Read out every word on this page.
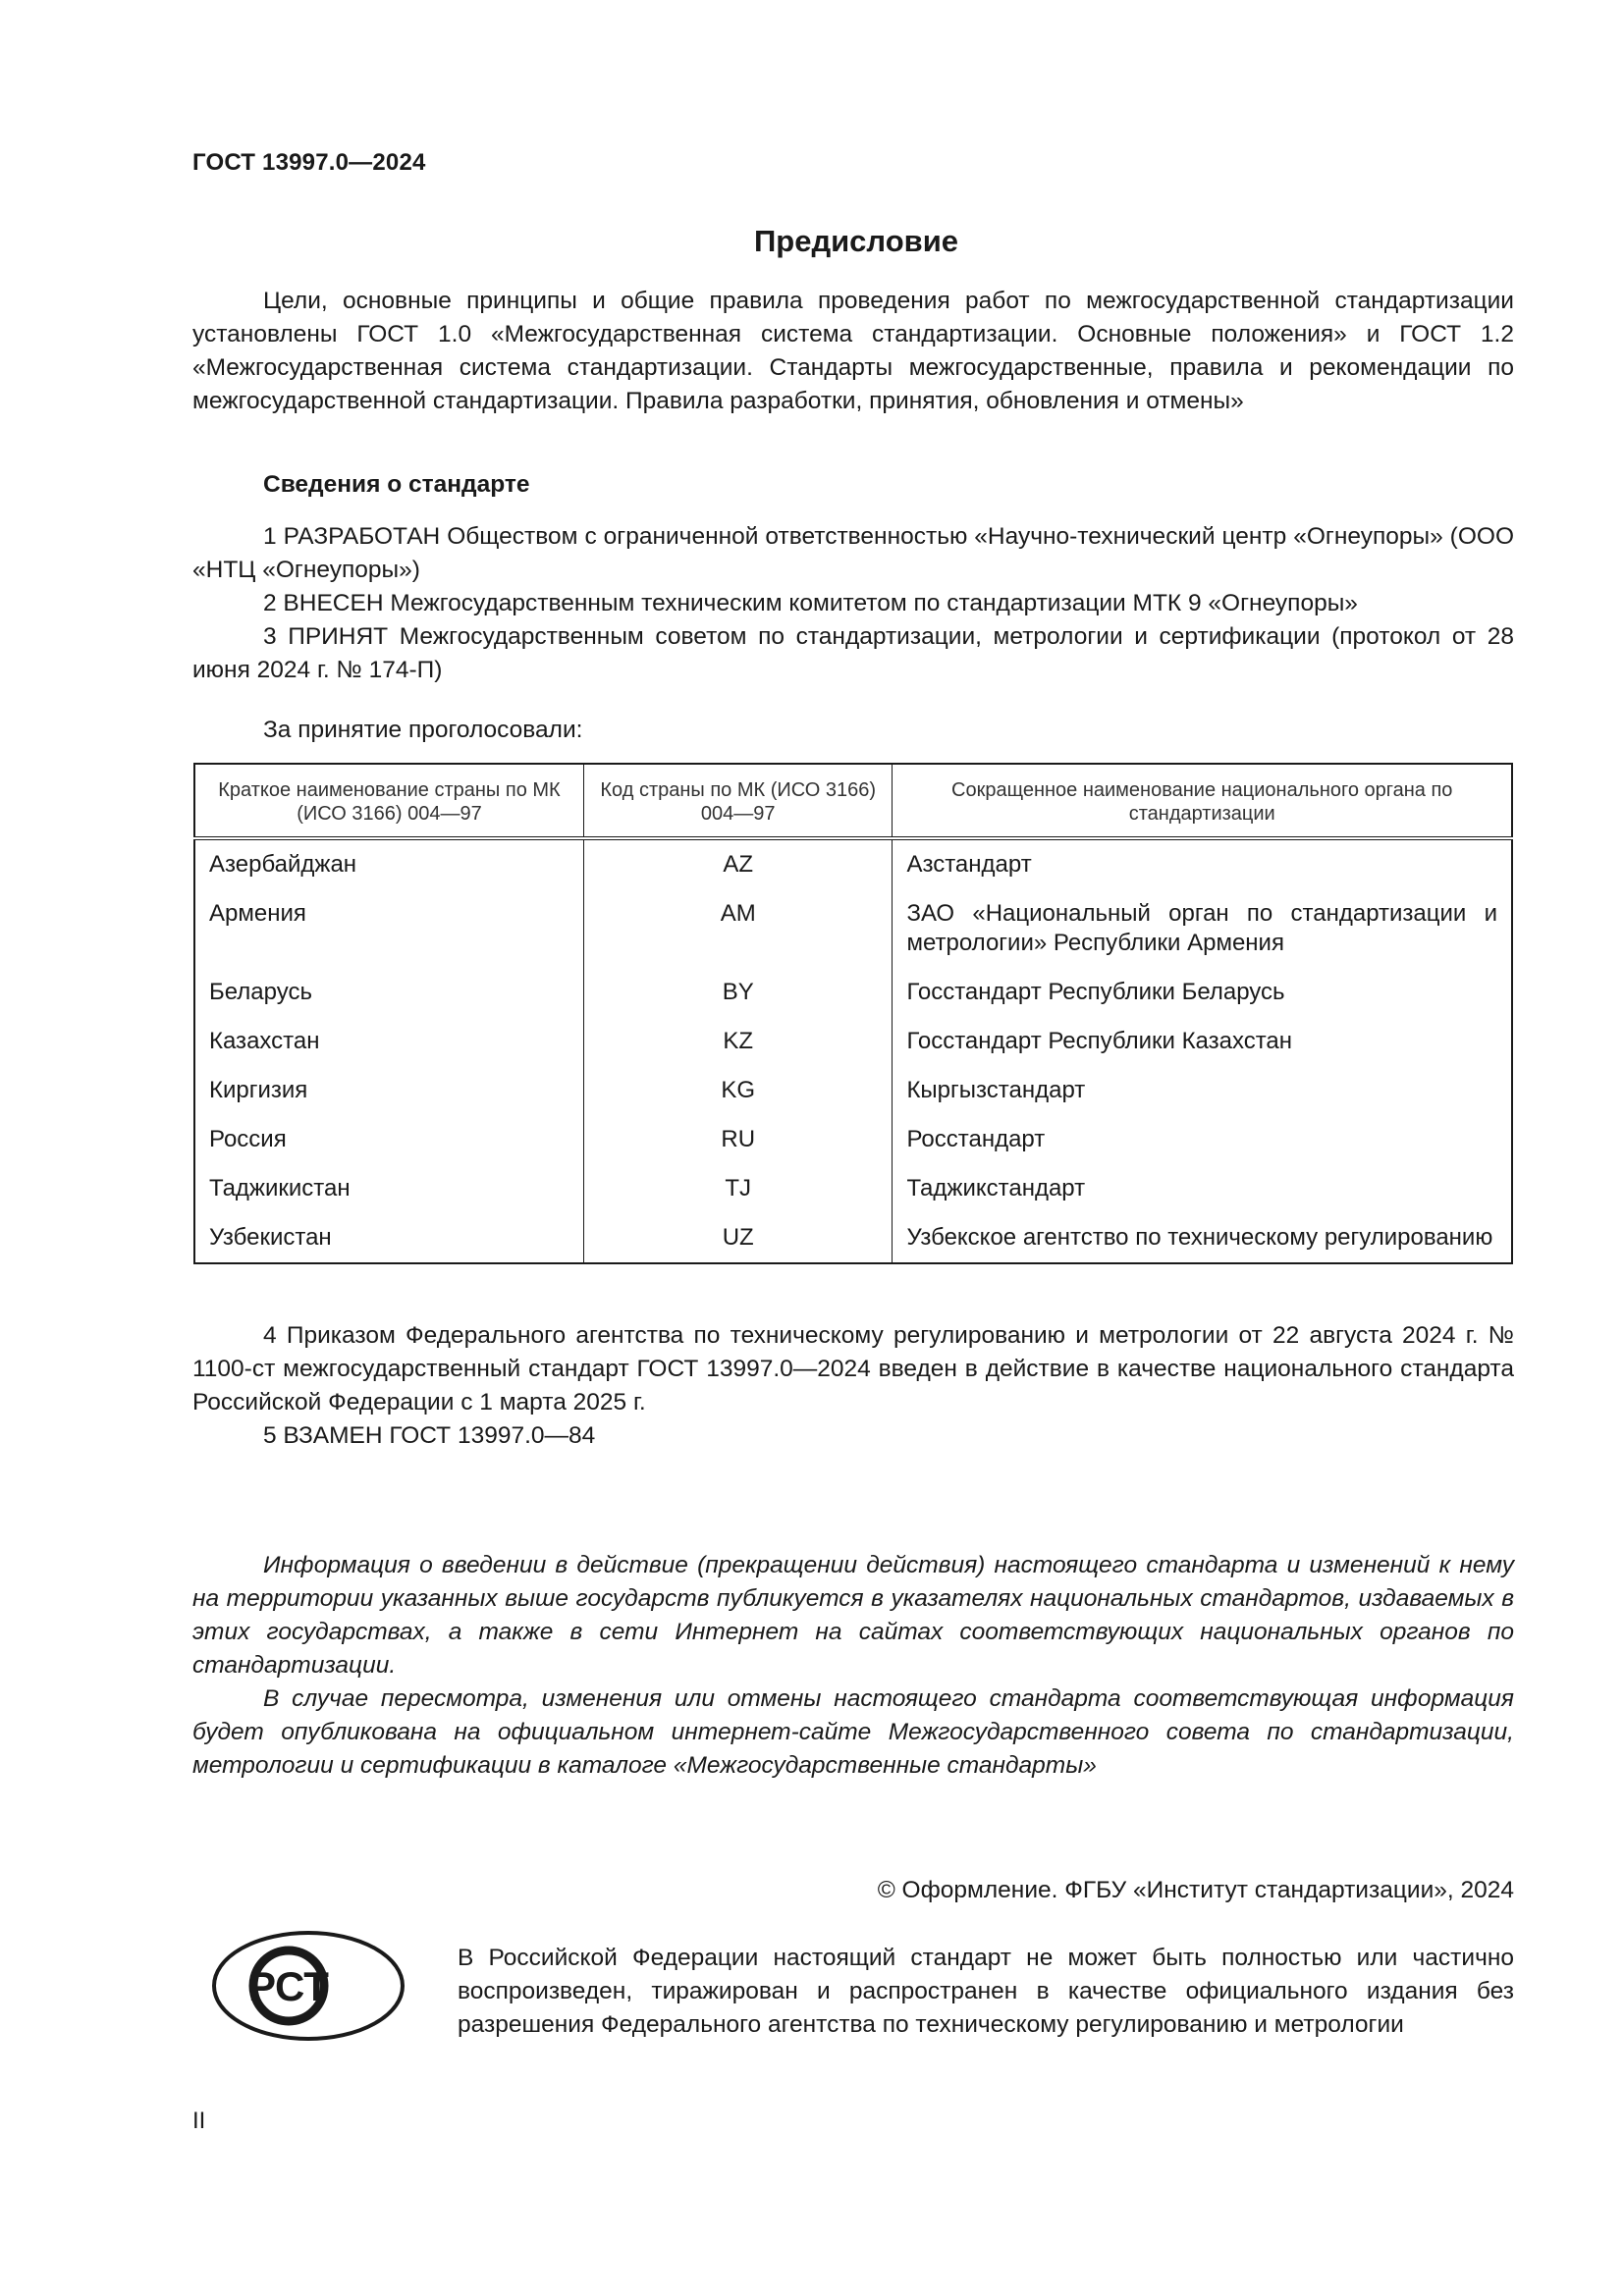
ГОСТ 13997.0—2024
Предисловие

Цели, основные принципы и общие правила проведения работ по межгосударственной стандартизации установлены ГОСТ 1.0 «Межгосударственная система стандартизации. Основные положения» и ГОСТ 1.2 «Межгосударственная система стандартизации. Стандарты межгосударственные, правила и рекомендации по межгосударственной стандартизации. Правила разработки, принятия, обновления и отмены»

Сведения о стандарте

1 РАЗРАБОТАН Обществом с ограниченной ответственностью «Научно-технический центр «Огнеупоры» (ООО «НТЦ «Огнеупоры»)

2 ВНЕСЕН Межгосударственным техническим комитетом по стандартизации МТК 9 «Огнеупоры»

3 ПРИНЯТ Межгосударственным советом по стандартизации, метрологии и сертификации (протокол от 28 июня 2024 г. № 174-П)

За принятие проголосовали:
Краткое наименование страны по МК (ИСО 3166) 004—97	Код страны по МК (ИСО 3166) 004—97	Сокращенное наименование национального органа по стандартизации
Азербайджан	AZ	Азстандарт
Армения	AM	ЗАО «Национальный орган по стандартизации и метрологии» Республики Армения
Беларусь	BY	Госстандарт Республики Беларусь
Казахстан	KZ	Госстандарт Республики Казахстан
Киргизия	KG	Кыргызстандарт
Россия	RU	Росстандарт
Таджикистан	TJ	Таджикстандарт
Узбекистан	UZ	Узбекское агентство по техническому регулированию

4 Приказом Федерального агентства по техническому регулированию и метрологии от 22 августа 2024 г. № 1100-ст межгосударственный стандарт ГОСТ 13997.0—2024 введен в действие в качестве национального стандарта Российской Федерации с 1 марта 2025 г.

5 ВЗАМЕН ГОСТ 13997.0—84

Информация о введении в действие (прекращении действия) настоящего стандарта и изменений к нему на территории указанных выше государств публикуется в указателях национальных стандартов, издаваемых в этих государствах, а также в сети Интернет на сайтах соответствующих национальных органов по стандартизации.

В случае пересмотра, изменения или отмены настоящего стандарта соответствующая информация будет опубликована на официальном интернет-сайте Межгосударственного совета по стандартизации, метрологии и сертификации в каталоге «Межгосударственные стандарты»

© Оформление. ФГБУ «Институт стандартизации», 2024
РСТ

В Российской Федерации настоящий стандарт не может быть полностью или частично воспроизведен, тиражирован и распространен в качестве официального издания без разрешения Федерального агентства по техническому регулированию и метрологии

II
